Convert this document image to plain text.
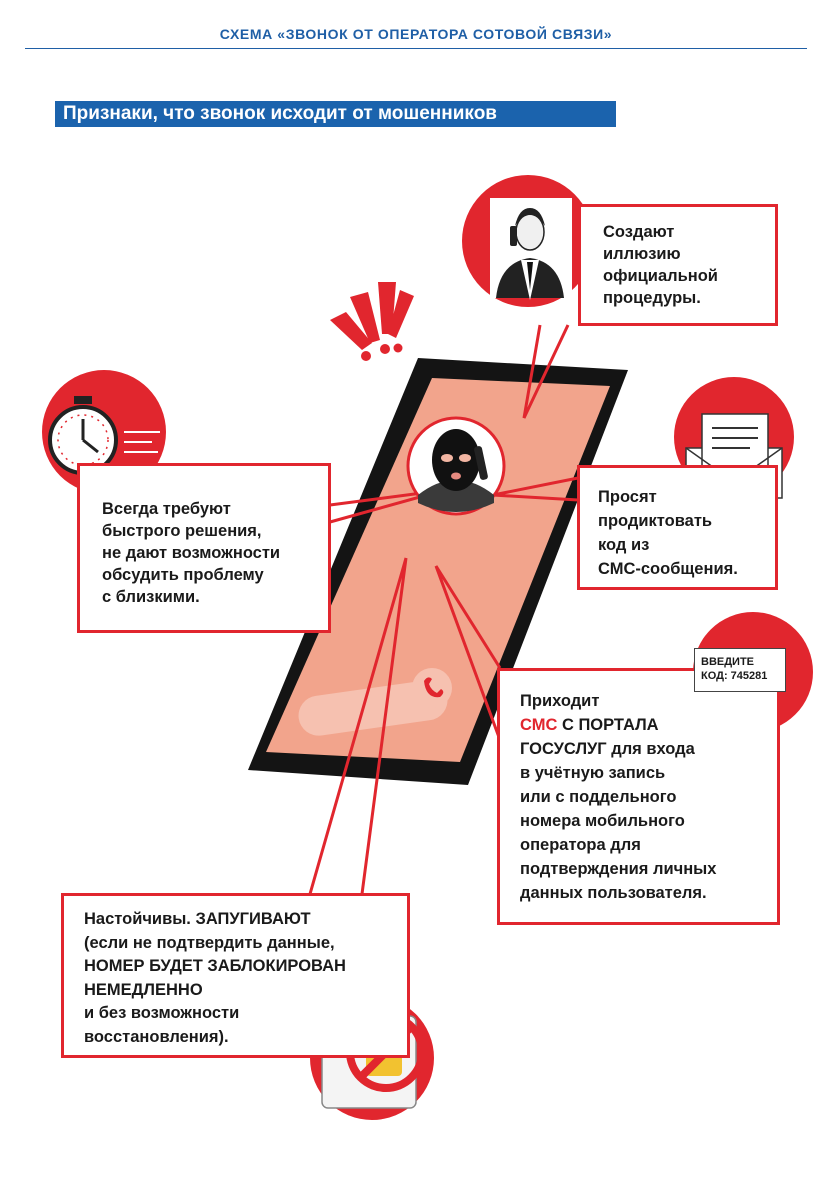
СХЕМА «ЗВОНОК ОТ ОПЕРАТОРА СОТОВОЙ СВЯЗИ»
Признаки, что звонок исходит от мошенников

Создают

иллюзию

официальной

процедуры.

Всегда требуют

быстрого решения,

не дают возможности

обсудить проблему

с близкими.

Просят

продиктовать

код из

СМС-сообщения.

Приходит

СМС С ПОРТАЛА

ГОСУСЛУГ для входа

в учётную запись

или с поддельного

номера мобильного

оператора для

подтверждения личных

данных пользователя.

ВВЕДИТЕ
КОД: 745281

Настойчивы. ЗАПУГИВАЮТ

(если не подтвердить данные,

НОМЕР БУДЕТ ЗАБЛОКИРОВАН

НЕМЕДЛЕННО

и без возможности

восстановления).
